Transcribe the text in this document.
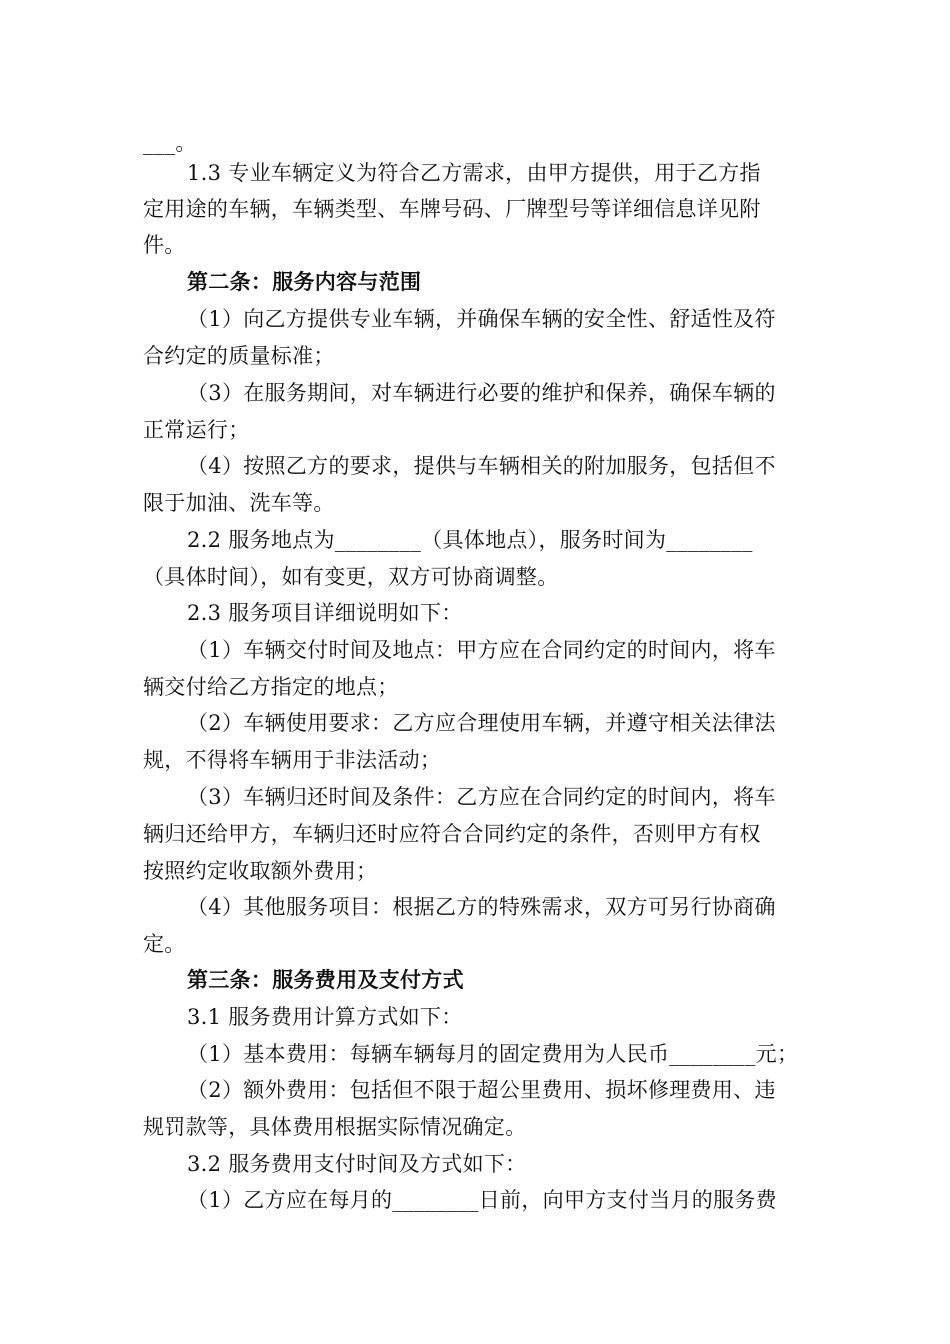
___。
1.3 专业车辆定义为符合乙方需求，由甲方提供，用于乙方指
定用途的车辆，车辆类型、车牌号码、厂牌型号等详细信息详见附
件。
第二条：服务内容与范围
（1）向乙方提供专业车辆，并确保车辆的安全性、舒适性及符
合约定的质量标准；
（3）在服务期间，对车辆进行必要的维护和保养，确保车辆的
正常运行；
（4）按照乙方的要求，提供与车辆相关的附加服务，包括但不
限于加油、洗车等。
2.2 服务地点为________（具体地点），服务时间为________
（具体时间），如有变更，双方可协商调整。
2.3 服务项目详细说明如下：
（1）车辆交付时间及地点：甲方应在合同约定的时间内，将车
辆交付给乙方指定的地点；
（2）车辆使用要求：乙方应合理使用车辆，并遵守相关法律法
规，不得将车辆用于非法活动；
（3）车辆归还时间及条件：乙方应在合同约定的时间内，将车
辆归还给甲方，车辆归还时应符合合同约定的条件，否则甲方有权
按照约定收取额外费用；
（4）其他服务项目：根据乙方的特殊需求，双方可另行协商确
定。
第三条：服务费用及支付方式
3.1 服务费用计算方式如下：
（1）基本费用：每辆车辆每月的固定费用为人民币________元；
（2）额外费用：包括但不限于超公里费用、损坏修理费用、违
规罚款等，具体费用根据实际情况确定。
3.2 服务费用支付时间及方式如下：
（1）乙方应在每月的________日前，向甲方支付当月的服务费
